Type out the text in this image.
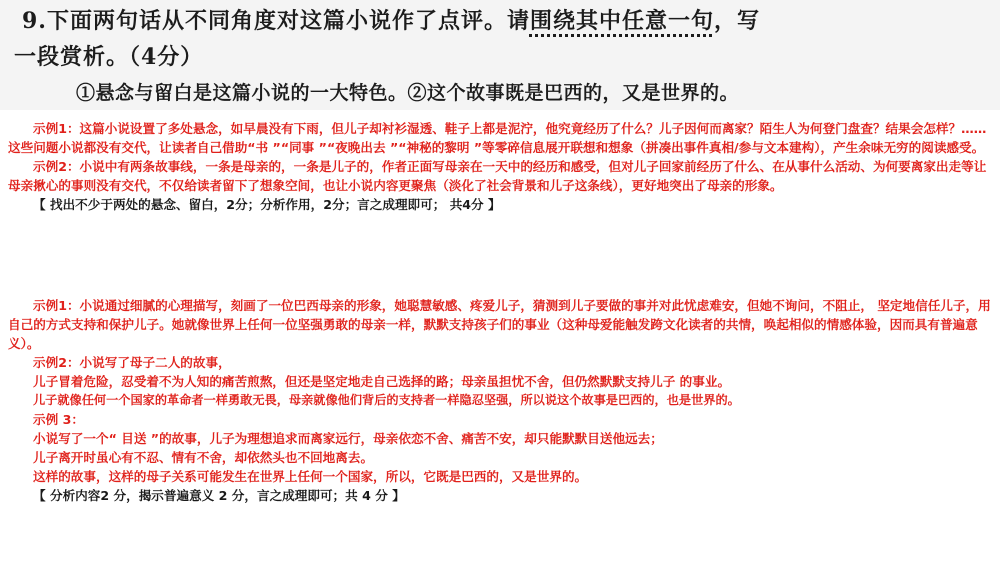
9.下面两句话从不同角度对这篇小说作了点评。请围绕其中任意一句，写
一段赏析。（4分）
①悬念与留白是这篇小说的一大特色。②这个故事既是巴西的，又是世界的。

示例1：这篇小说设置了多处悬念，如早晨没有下雨，但儿子却衬衫湿透、鞋子上都是泥泞，他究竟经历了什么？儿子因何而离家？陌生人为何登门盘查？结果会怎样？……这些问题小说都没有交代，让读者自己借助“书 ”“同事 ”“夜晚出去 ”“神秘的黎明 ”等零碎信息展开联想和想象（拼凑出事件真相/参与文本建构），产生余味无穷的阅读感受。

示例2：小说中有两条故事线，一条是母亲的，一条是儿子的，作者正面写母亲在一天中的经历和感受，但对儿子回家前经历了什么、在从事什么活动、为何要离家出走等让母亲揪心的事则没有交代，不仅给读者留下了想象空间，也让小说内容更聚焦（淡化了社会背景和儿子这条线），更好地突出了母亲的形象。

【 找出不少于两处的悬念、留白，2分；分析作用，2分；言之成理即可； 共4分 】

示例1：小说通过细腻的心理描写，刻画了一位巴西母亲的形象，她聪慧敏感、疼爱儿子，猜测到儿子要做的事并对此忧虑难安，但她不询问，不阻止， 坚定地信任儿子，用自己的方式支持和保护儿子。她就像世界上任何一位坚强勇敢的母亲一样，默默支持孩子们的事业（这种母爱能触发跨文化读者的共情，唤起相似的情感体验，因而具有普遍意义）。

示例2：小说写了母子二人的故事，

儿子冒着危险，忍受着不为人知的痛苦煎熬，但还是坚定地走自己选择的路；母亲虽担忧不舍，但仍然默默支持儿子 的事业。

儿子就像任何一个国家的革命者一样勇敢无畏，母亲就像他们背后的支持者一样隐忍坚强，所以说这个故事是巴西的，也是世界的。

示例 3：

小说写了一个“ 目送 ”的故事，儿子为理想追求而离家远行，母亲依恋不舍、痛苦不安，却只能默默目送他远去；

儿子离开时虽心有不忍、情有不舍，却依然头也不回地离去。

这样的故事，这样的母子关系可能发生在世界上任何一个国家，所以，它既是巴西的，又是世界的。

【 分析内容2 分，揭示普遍意义 2 分，言之成理即可；共 4 分 】
